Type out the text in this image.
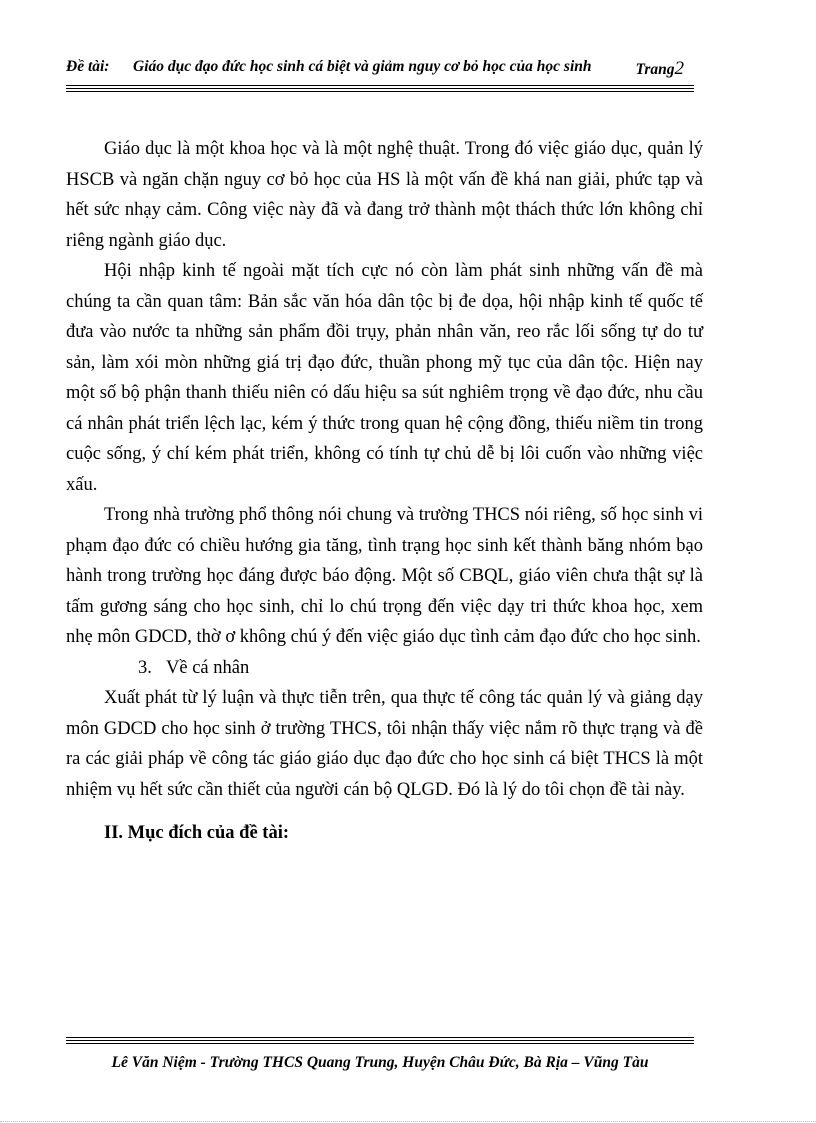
Đề tài: Giáo dục đạo đức học sinh cá biệt và giảm nguy cơ bỏ học của học sinh	Trang2

Giáo dục là một khoa học và là một nghệ thuật. Trong đó việc giáo dục, quản lý HSCB và ngăn chặn nguy cơ bỏ học của HS là một vấn đề khá nan giải, phức tạp và hết sức nhạy cảm. Công việc này đã và đang trở thành một thách thức lớn không chỉ riêng ngành giáo dục.

Hội nhập kinh tế ngoài mặt tích cực nó còn làm phát sinh những vấn đề mà chúng ta cần quan tâm: Bản sắc văn hóa dân tộc bị đe dọa, hội nhập kinh tế quốc tế đưa vào nước ta những sản phẩm đồi trụy, phản nhân văn, reo rắc lối sống tự do tư sản, làm xói mòn những giá trị đạo đức, thuần phong mỹ tục của dân tộc. Hiện nay một số bộ phận thanh thiếu niên có dấu hiệu sa sút nghiêm trọng về đạo đức, nhu cầu cá nhân phát triển lệch lạc, kém ý thức trong quan hệ cộng đồng, thiếu niềm tin trong cuộc sống, ý chí kém phát triển, không có tính tự chủ dễ bị lôi cuốn vào những việc xấu.

Trong nhà trường phổ thông nói chung và trường THCS nói riêng, số học sinh vi phạm đạo đức có chiều hướng gia tăng, tình trạng học sinh kết thành băng nhóm bạo hành trong trường học đáng được báo động. Một số CBQL, giáo viên chưa thật sự là tấm gương sáng cho học sinh, chỉ lo chú trọng đến việc dạy tri thức khoa học, xem nhẹ môn GDCD, thờ ơ không chú ý đến việc giáo dục tình cảm đạo đức cho học sinh.

3. Về cá nhân

Xuất phát từ lý luận và thực tiễn trên, qua thực tế công tác quản lý và giảng dạy môn GDCD cho học sinh ở trường THCS, tôi nhận thấy việc nắm rõ thực trạng và đề ra các giải pháp về công tác giáo giáo dục đạo đức cho học sinh cá biệt THCS là một nhiệm vụ hết sức cần thiết của người cán bộ QLGD. Đó là lý do tôi chọn đề tài này.

II. Mục đích của đề tài:

Lê Văn Niệm - Trường THCS Quang Trung, Huyện Châu Đức, Bà Rịa – Vũng Tàu
